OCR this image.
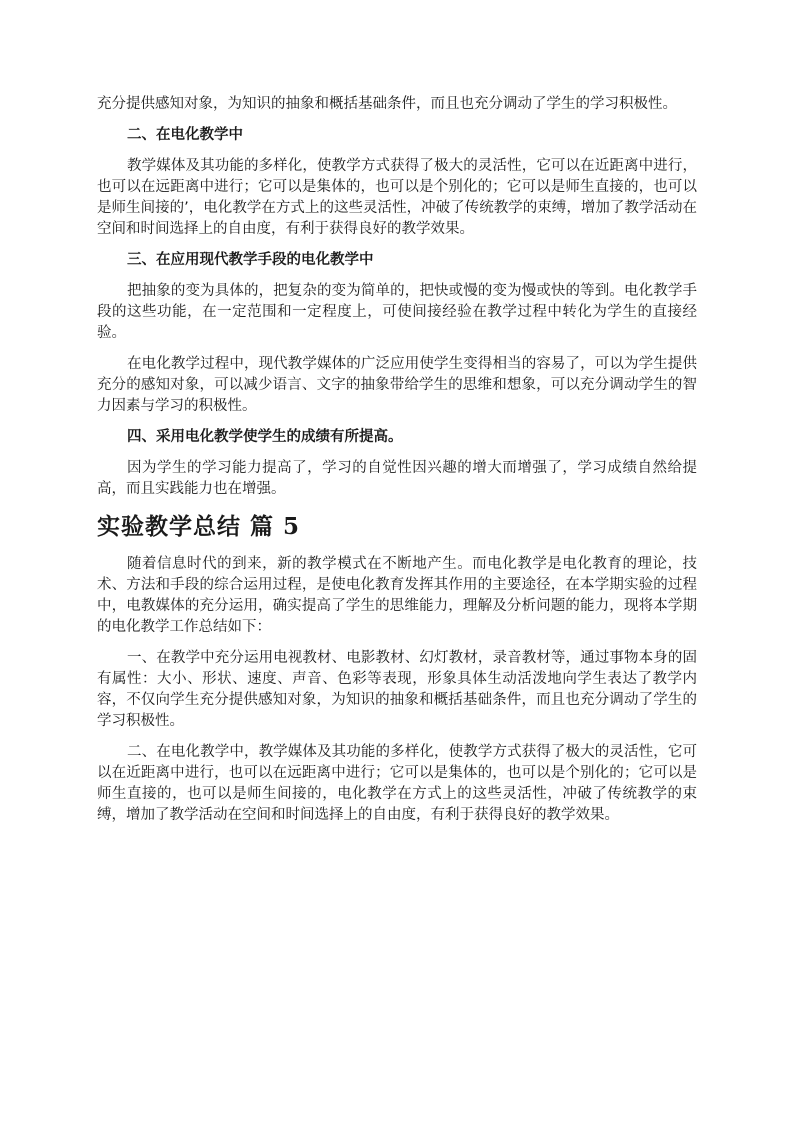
充分提供感知对象，为知识的抽象和概括基础条件，而且也充分调动了学生的学习积极性。

二、在电化教学中

教学媒体及其功能的多样化，使教学方式获得了极大的灵活性，它可以在近距离中进行，也可以在远距离中进行；它可以是集体的，也可以是个别化的；它可以是师生直接的，也可以是师生间接的’，电化教学在方式上的这些灵活性，冲破了传统教学的束缚，增加了教学活动在空间和时间选择上的自由度，有利于获得良好的教学效果。

三、在应用现代教学手段的电化教学中

把抽象的变为具体的，把复杂的变为简单的，把快或慢的变为慢或快的等到。电化教学手段的这些功能，在一定范围和一定程度上，可使间接经验在教学过程中转化为学生的直接经验。

在电化教学过程中，现代教学媒体的广泛应用使学生变得相当的容易了，可以为学生提供充分的感知对象，可以减少语言、文字的抽象带给学生的思维和想象，可以充分调动学生的智力因素与学习的积极性。

四、采用电化教学使学生的成绩有所提高。

因为学生的学习能力提高了，学习的自觉性因兴趣的增大而增强了，学习成绩自然给提高，而且实践能力也在增强。

实验教学总结 篇 5

随着信息时代的到来，新的教学模式在不断地产生。而电化教学是电化教育的理论，技术、方法和手段的综合运用过程，是使电化教育发挥其作用的主要途径，在本学期实验的过程中，电教媒体的充分运用，确实提高了学生的思维能力，理解及分析问题的能力，现将本学期的电化教学工作总结如下：

一、在教学中充分运用电视教材、电影教材、幻灯教材，录音教材等，通过事物本身的固有属性：大小、形状、速度、声音、色彩等表现，形象具体生动活泼地向学生表达了教学内容，不仅向学生充分提供感知对象，为知识的抽象和概括基础条件，而且也充分调动了学生的学习积极性。

二、在电化教学中，教学媒体及其功能的多样化，使教学方式获得了极大的灵活性，它可以在近距离中进行，也可以在远距离中进行；它可以是集体的，也可以是个别化的；它可以是师生直接的，也可以是师生间接的，电化教学在方式上的这些灵活性，冲破了传统教学的束缚，增加了教学活动在空间和时间选择上的自由度，有利于获得良好的教学效果。
